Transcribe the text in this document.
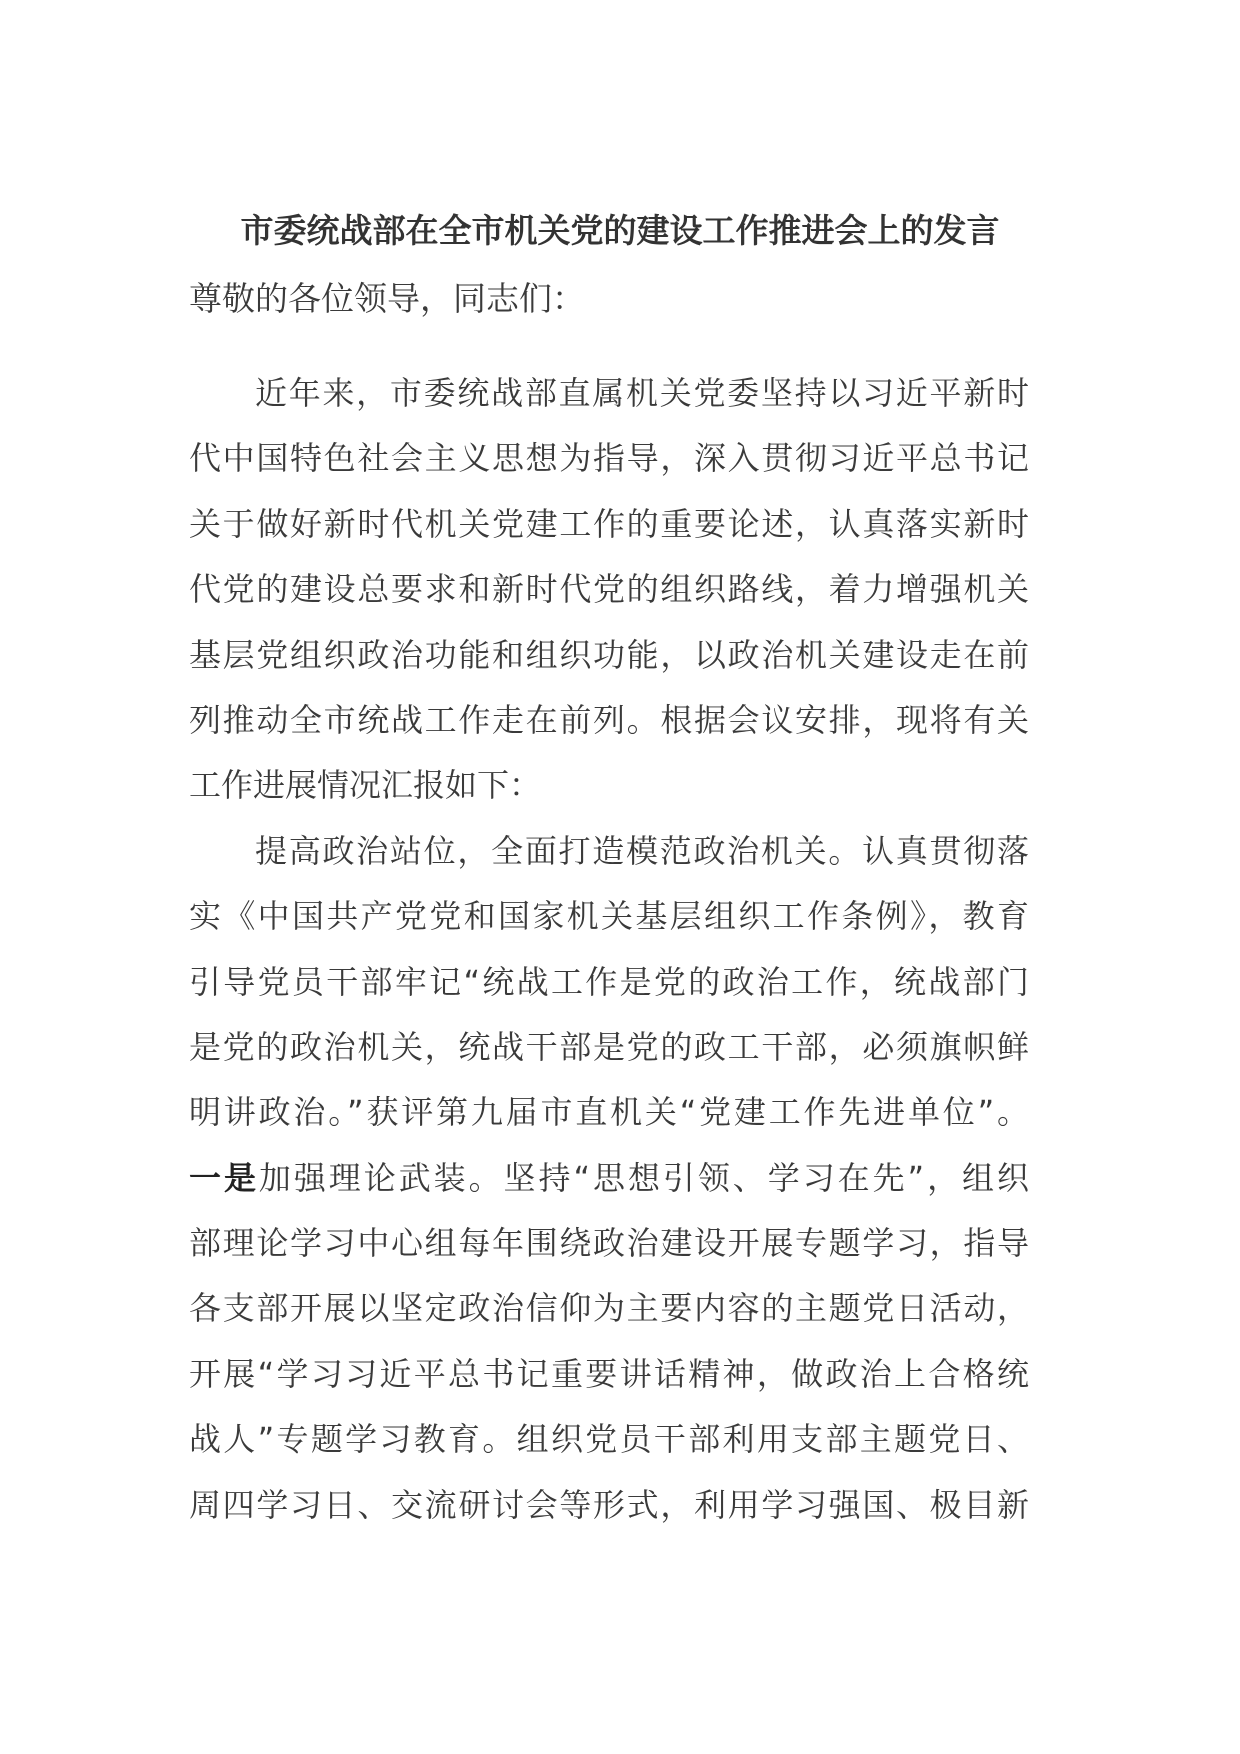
市委统战部在全市机关党的建设工作推进会上的发言
尊敬的各位领导，同志们：
近年来，市委统战部直属机关党委坚持以习近平新时
代中国特色社会主义思想为指导，深入贯彻习近平总书记
关于做好新时代机关党建工作的重要论述，认真落实新时
代党的建设总要求和新时代党的组织路线，着力增强机关
基层党组织政治功能和组织功能，以政治机关建设走在前
列推动全市统战工作走在前列。根据会议安排，现将有关
工作进展情况汇报如下：
提高政治站位，全面打造模范政治机关。认真贯彻落
实《中国共产党党和国家机关基层组织工作条例》，教育
引导党员干部牢记“统战工作是党的政治工作，统战部门
是党的政治机关，统战干部是党的政工干部，必须旗帜鲜
明讲政治。”获评第九届市直机关“党建工作先进单位”。
一是加强理论武装。坚持“思想引领、学习在先”，组织
部理论学习中心组每年围绕政治建设开展专题学习，指导
各支部开展以坚定政治信仰为主要内容的主题党日活动，
开展“学习习近平总书记重要讲话精神，做政治上合格统
战人”专题学习教育。组织党员干部利用支部主题党日、
周四学习日、交流研讨会等形式，利用学习强国、极目新
